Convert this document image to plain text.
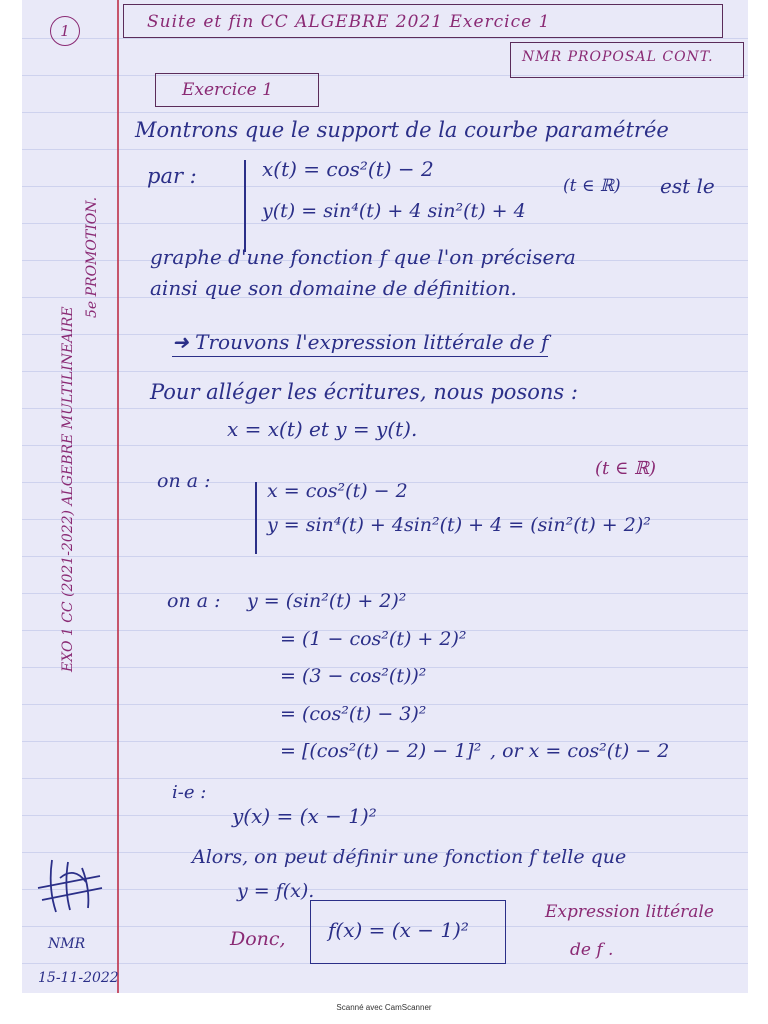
1	Suite et fin CC ALGEBRE 2021 Exercice 1
NMR PROPOSAL CONT.
Exercice 1
Montrons que le support de la courbe paramétrée
par :	x(t) = cos²(t) − 2
y(t) = sin⁴(t) + 4 sin²(t) + 4
(t ∈ ℝ) est le
graphe d'une fonction f que l'on précisera
ainsi que son domaine de définition.
➜ Trouvons l'expression littérale de f
Pour alléger les écritures, nous posons :
x = x(t) et y = y(t).
on a :
(t ∈ ℝ)
x = cos²(t) − 2
y = sin⁴(t) + 4sin²(t) + 4 = (sin²(t) + 2)²
on a : y = (sin²(t) + 2)²
= (1 − cos²(t) + 2)²
= (3 − cos²(t))²
= (cos²(t) − 3)²
= [(cos²(t) − 2) − 1]² , or x = cos²(t) − 2
i-e :
y(x) = (x − 1)²
Alors, on peut définir une fonction f telle que
y = f(x).
Donc, f(x) = (x − 1)²
Expression littérale
de f .
5e PROMOTION.
EXO 1 CC (2021-2022) ALGEBRE MULTILINEAIRE
NMR
15-11-2022
Scanné avec CamScanner
